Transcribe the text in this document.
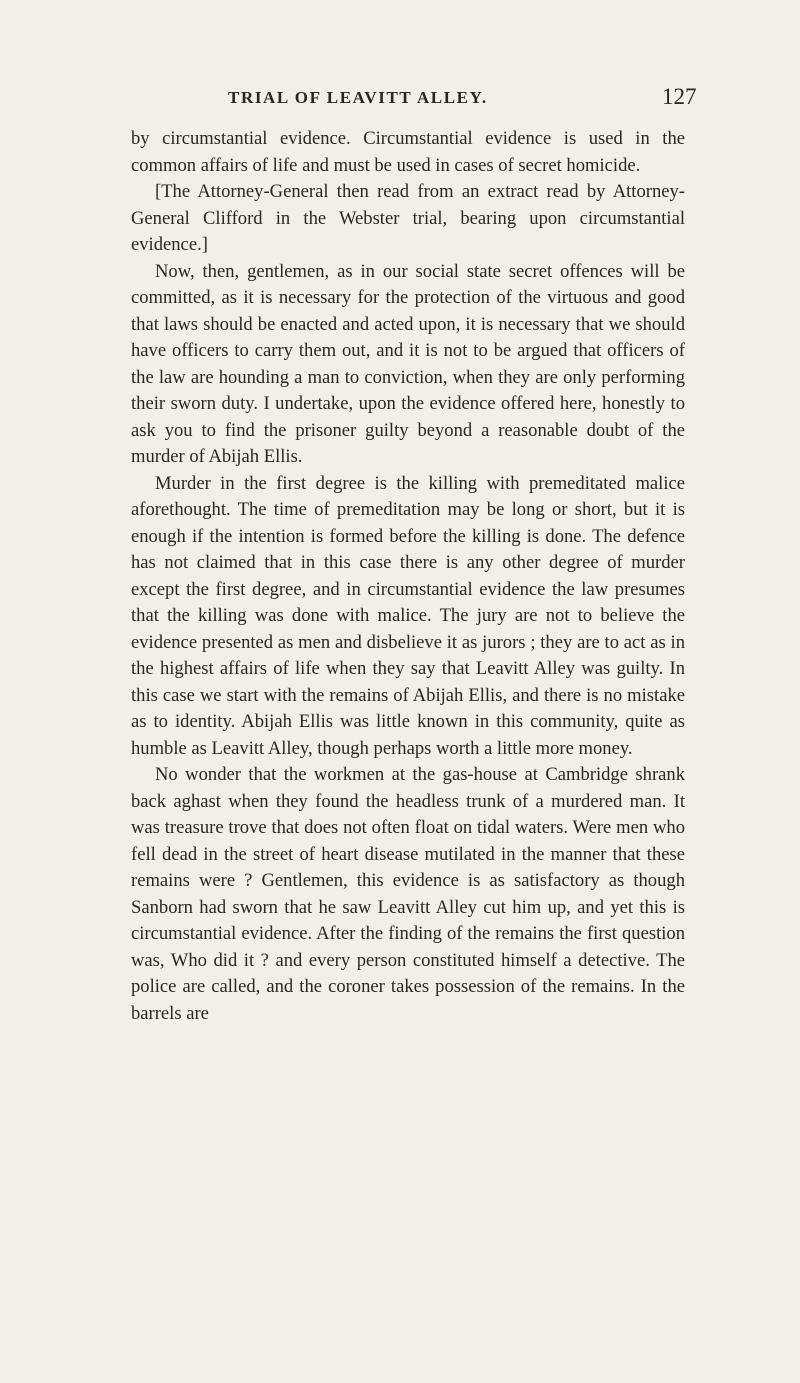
TRIAL OF LEAVITT ALLEY.	127

by circumstantial evidence. Circumstantial evidence is used in the common affairs of life and must be used in cases of secret homicide.

[The Attorney-General then read from an extract read by Attorney-General Clifford in the Webster trial, bearing upon circumstantial evidence.]

Now, then, gentlemen, as in our social state secret offences will be committed, as it is necessary for the protection of the virtuous and good that laws should be enacted and acted upon, it is necessary that we should have officers to carry them out, and it is not to be argued that officers of the law are hounding a man to conviction, when they are only performing their sworn duty. I undertake, upon the evidence offered here, honestly to ask you to find the prisoner guilty beyond a reasonable doubt of the murder of Abijah Ellis.

Murder in the first degree is the killing with premeditated malice aforethought. The time of premeditation may be long or short, but it is enough if the intention is formed before the killing is done. The defence has not claimed that in this case there is any other degree of murder except the first degree, and in circumstantial evidence the law presumes that the killing was done with malice. The jury are not to believe the evidence presented as men and disbelieve it as jurors ; they are to act as in the highest affairs of life when they say that Leavitt Alley was guilty. In this case we start with the remains of Abijah Ellis, and there is no mistake as to identity. Abijah Ellis was little known in this community, quite as humble as Leavitt Alley, though perhaps worth a little more money.

No wonder that the workmen at the gas-house at Cambridge shrank back aghast when they found the headless trunk of a murdered man. It was treasure trove that does not often float on tidal waters. Were men who fell dead in the street of heart disease mutilated in the manner that these remains were ? Gentlemen, this evidence is as satisfactory as though Sanborn had sworn that he saw Leavitt Alley cut him up, and yet this is circumstantial evidence. After the finding of the remains the first question was, Who did it ? and every person constituted himself a detective. The police are called, and the coroner takes possession of the remains. In the barrels are
